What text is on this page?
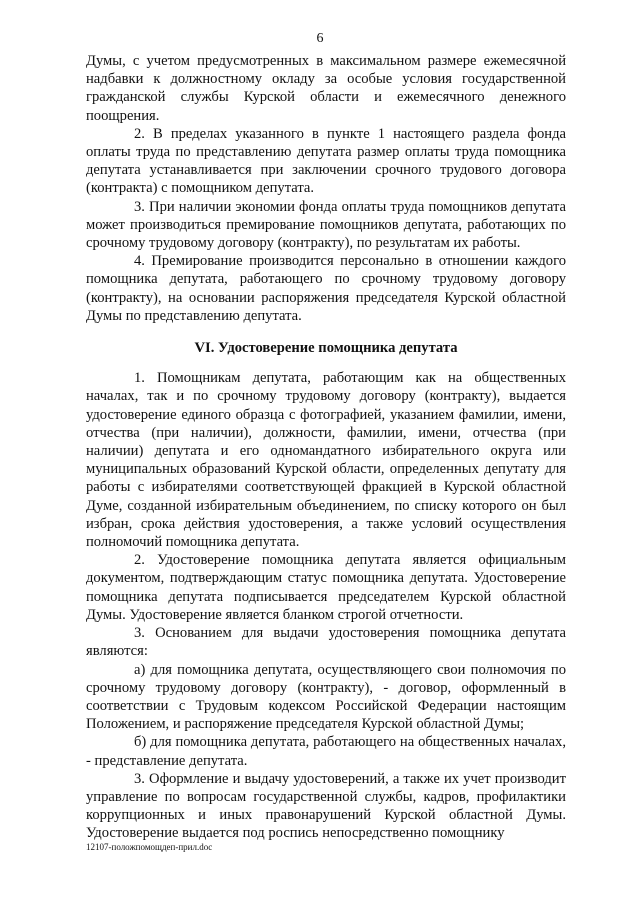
6

Думы, с учетом предусмотренных в максимальном размере ежемесячной надбавки к должностному окладу за особые условия государственной гражданской службы Курской области и ежемесячного денежного поощрения.

2. В пределах указанного в пункте 1 настоящего раздела фонда оплаты труда по представлению депутата размер оплаты труда помощника депутата устанавливается при заключении срочного трудового договора (контракта) с помощником депутата.

3. При наличии экономии фонда оплаты труда помощников депутата может производиться премирование помощников депутата, работающих по срочному трудовому договору (контракту), по результатам их работы.

4. Премирование производится персонально в отношении каждого помощника депутата, работающего по срочному трудовому договору (контракту), на основании распоряжения председателя Курской областной Думы по представлению депутата.

VI. Удостоверение помощника депутата

1. Помощникам депутата, работающим как на общественных началах, так и по срочному трудовому договору (контракту), выдается удостоверение единого образца с фотографией, указанием фамилии, имени, отчества (при наличии), должности, фамилии, имени, отчества (при наличии) депутата и его одномандатного избирательного округа или муниципальных образований Курской области, определенных депутату для работы с избирателями соответствующей фракцией в Курской областной Думе, созданной избирательным объединением, по списку которого он был избран, срока действия удостоверения, а также условий осуществления полномочий помощника депутата.

2. Удостоверение помощника депутата является официальным документом, подтверждающим статус помощника депутата. Удостоверение помощника депутата подписывается председателем Курской областной Думы. Удостоверение является бланком строгой отчетности.

3. Основанием для выдачи удостоверения помощника депутата являются:

а) для помощника депутата, осуществляющего свои полномочия по срочному трудовому договору (контракту), - договор, оформленный в соответствии с Трудовым кодексом Российской Федерации настоящим Положением, и распоряжение председателя Курской областной Думы;

б) для помощника депутата, работающего на общественных началах, - представление депутата.

3. Оформление и выдачу удостоверений, а также их учет производит управление по вопросам государственной службы, кадров, профилактики коррупционных и иных правонарушений Курской областной Думы. Удостоверение выдается под роспись непосредственно помощнику

12107-положпомощдеп-прил.doc
